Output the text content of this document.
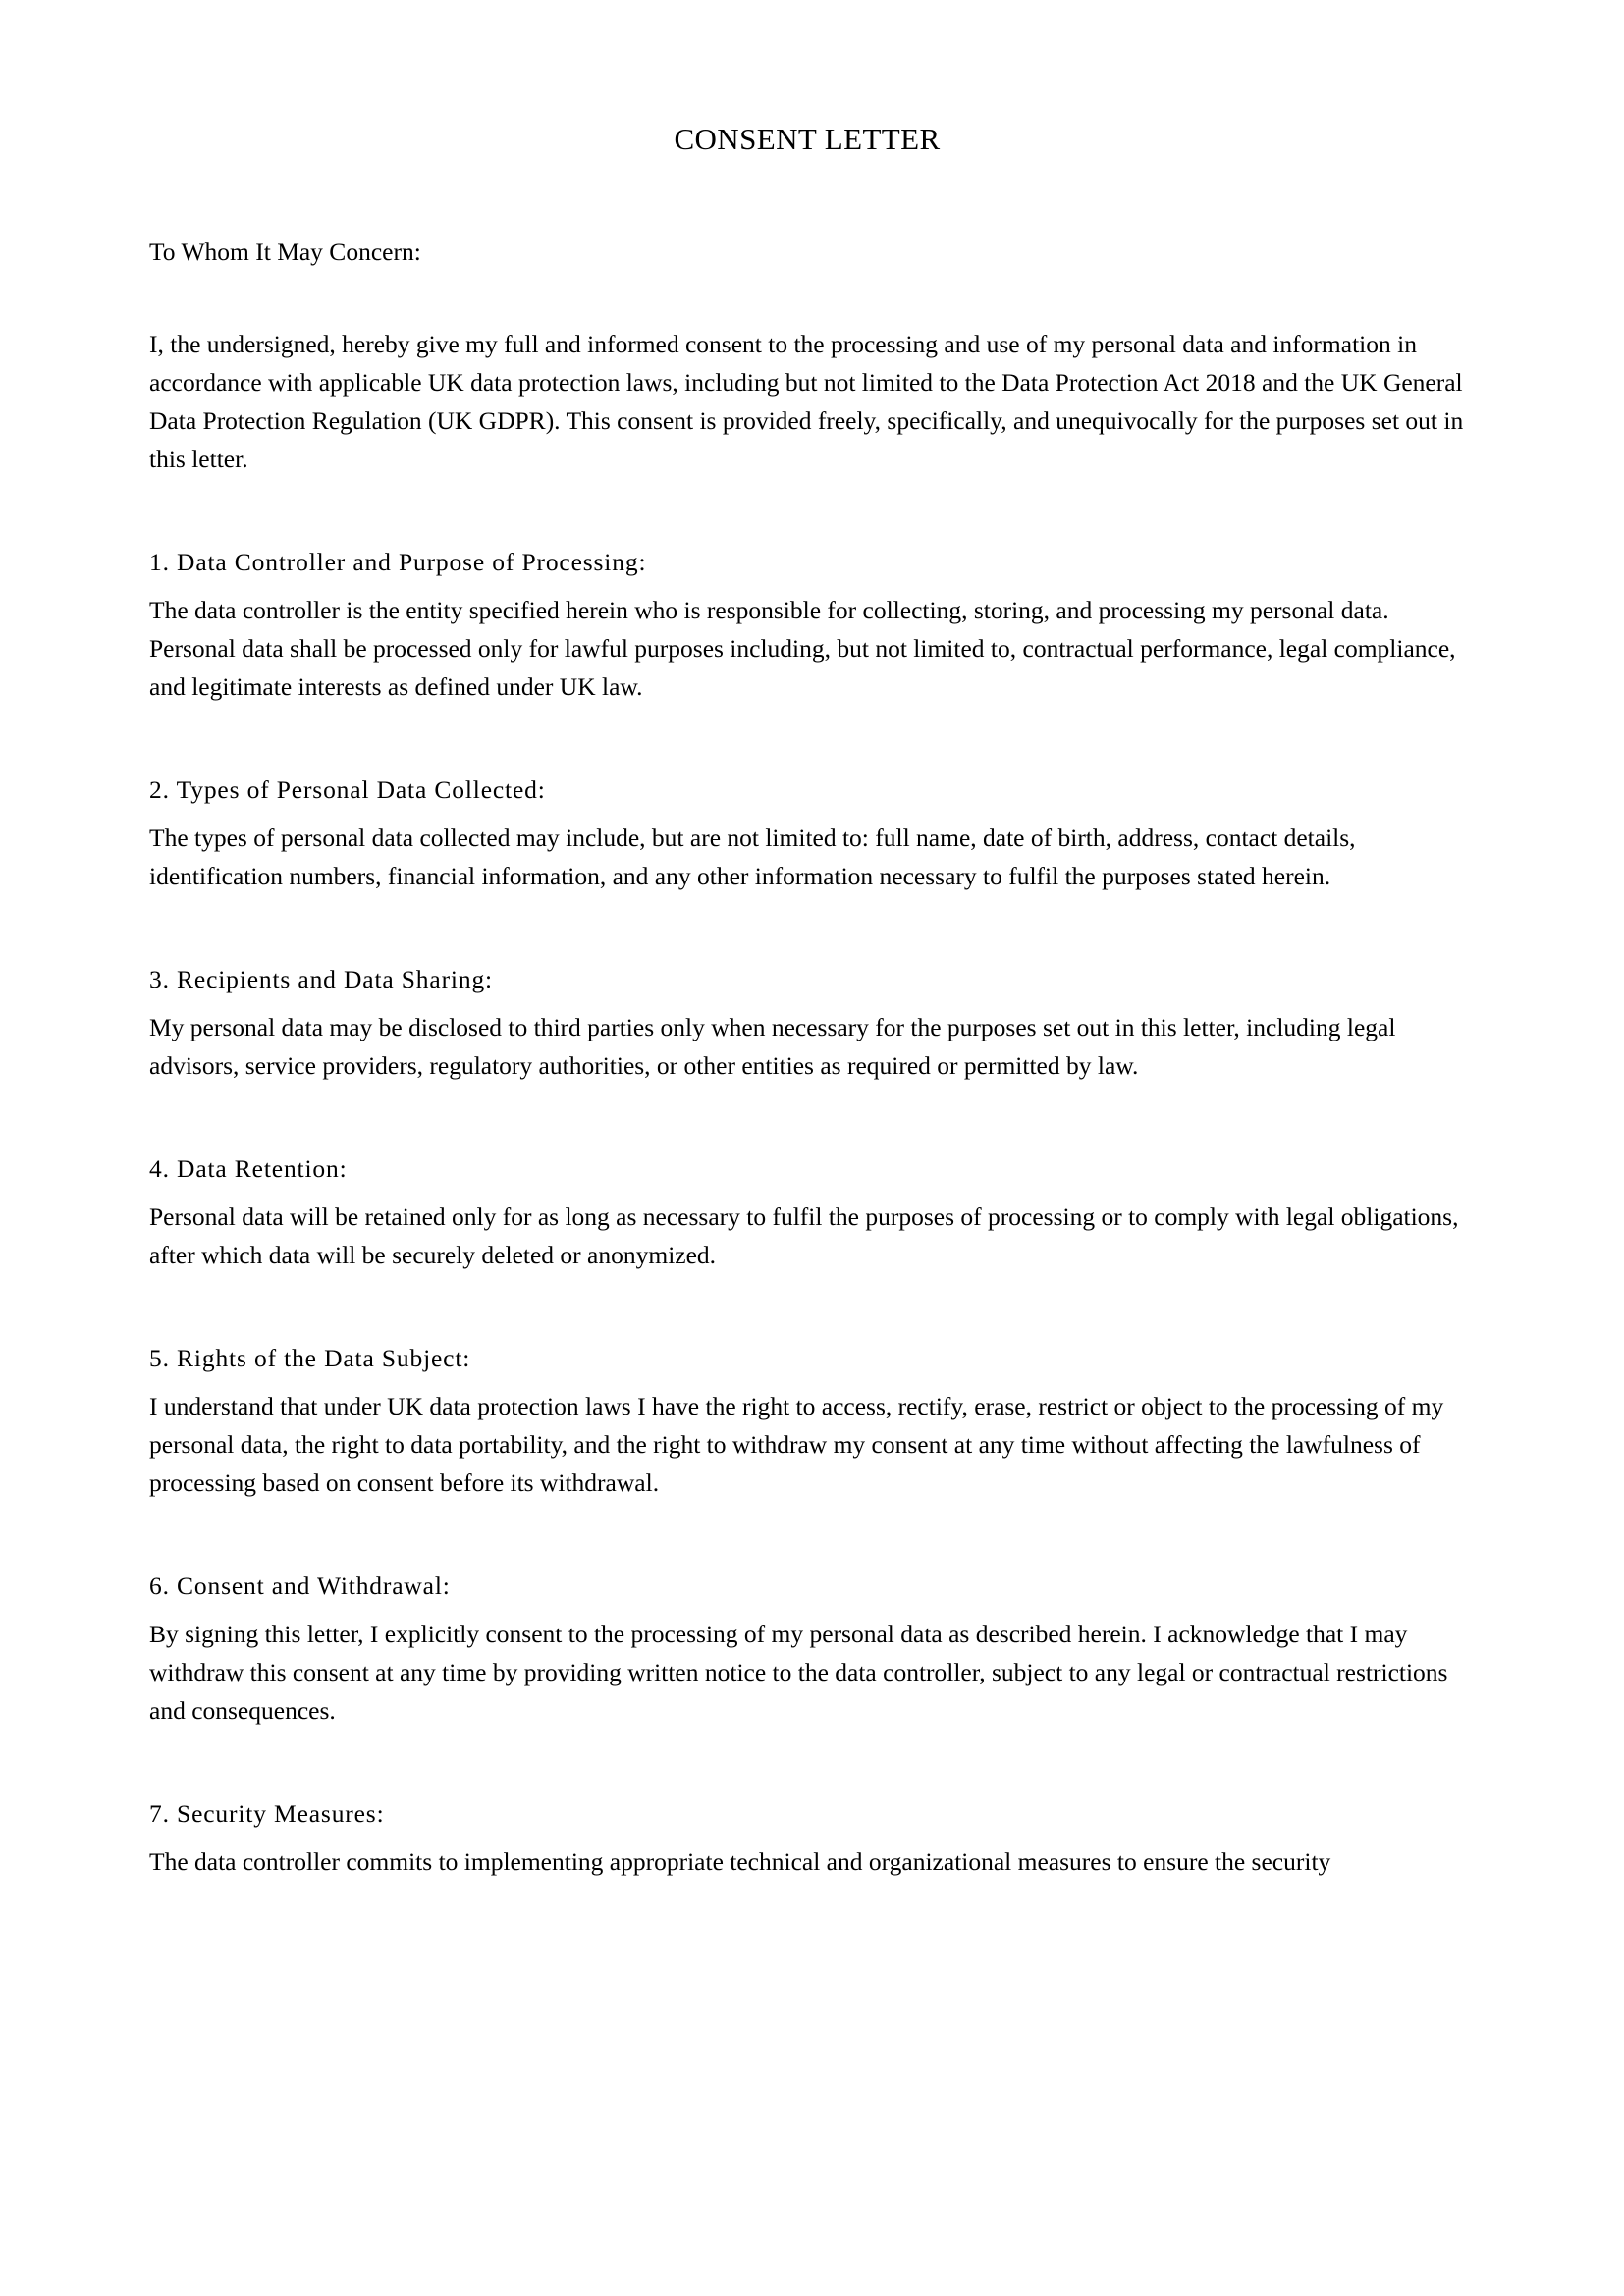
CONSENT LETTER

To Whom It May Concern:

I, the undersigned, hereby give my full and informed consent to the processing and use of my personal data and information in accordance with applicable UK data protection laws, including but not limited to the Data Protection Act 2018 and the UK General Data Protection Regulation (UK GDPR). This consent is provided freely, specifically, and unequivocally for the purposes set out in this letter.

1. Data Controller and Purpose of Processing:

The data controller is the entity specified herein who is responsible for collecting, storing, and processing my personal data. Personal data shall be processed only for lawful purposes including, but not limited to, contractual performance, legal compliance, and legitimate interests as defined under UK law.

2. Types of Personal Data Collected:

The types of personal data collected may include, but are not limited to: full name, date of birth, address, contact details, identification numbers, financial information, and any other information necessary to fulfil the purposes stated herein.

3. Recipients and Data Sharing:

My personal data may be disclosed to third parties only when necessary for the purposes set out in this letter, including legal advisors, service providers, regulatory authorities, or other entities as required or permitted by law.

4. Data Retention:

Personal data will be retained only for as long as necessary to fulfil the purposes of processing or to comply with legal obligations, after which data will be securely deleted or anonymized.

5. Rights of the Data Subject:

I understand that under UK data protection laws I have the right to access, rectify, erase, restrict or object to the processing of my personal data, the right to data portability, and the right to withdraw my consent at any time without affecting the lawfulness of processing based on consent before its withdrawal.

6. Consent and Withdrawal:

By signing this letter, I explicitly consent to the processing of my personal data as described herein. I acknowledge that I may withdraw this consent at any time by providing written notice to the data controller, subject to any legal or contractual restrictions and consequences.

7. Security Measures:

The data controller commits to implementing appropriate technical and organizational measures to ensure the security
